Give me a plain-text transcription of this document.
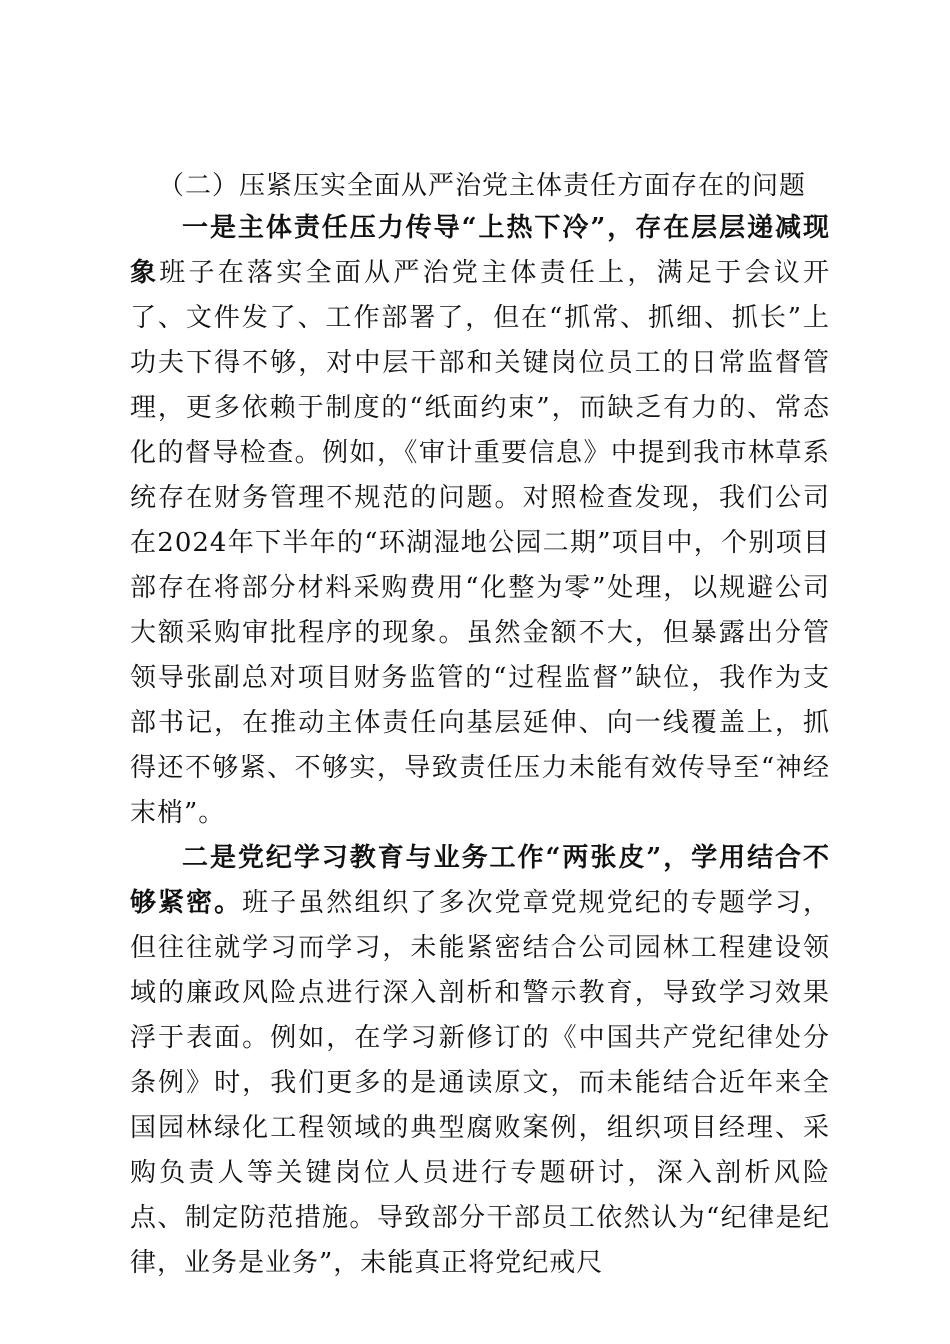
（二）压紧压实全面从严治党主体责任方面存在的问题

一是主体责任压力传导“上热下冷”，存在层层递减现象班子在落实全面从严治党主体责任上，满足于会议开了、文件发了、工作部署了，但在“抓常、抓细、抓长”上功夫下得不够，对中层干部和关键岗位员工的日常监督管理，更多依赖于制度的“纸面约束”，而缺乏有力的、常态化的督导检查。例如，《审计重要信息》中提到我市林草系统存在财务管理不规范的问题。对照检查发现，我们公司在2024年下半年的“环湖湿地公园二期”项目中，个别项目部存在将部分材料采购费用“化整为零”处理，以规避公司大额采购审批程序的现象。虽然金额不大，但暴露出分管领导张副总对项目财务监管的“过程监督”缺位，我作为支部书记，在推动主体责任向基层延伸、向一线覆盖上，抓得还不够紧、不够实，导致责任压力未能有效传导至“神经末梢”。

二是党纪学习教育与业务工作“两张皮”，学用结合不够紧密。班子虽然组织了多次党章党规党纪的专题学习，但往往就学习而学习，未能紧密结合公司园林工程建设领域的廉政风险点进行深入剖析和警示教育，导致学习效果浮于表面。例如，在学习新修订的《中国共产党纪律处分条例》时，我们更多的是通读原文，而未能结合近年来全国园林绿化工程领域的典型腐败案例，组织项目经理、采购负责人等关键岗位人员进行专题研讨，深入剖析风险点、制定防范措施。导致部分干部员工依然认为“纪律是纪律，业务是业务”，未能真正将党纪戒尺
